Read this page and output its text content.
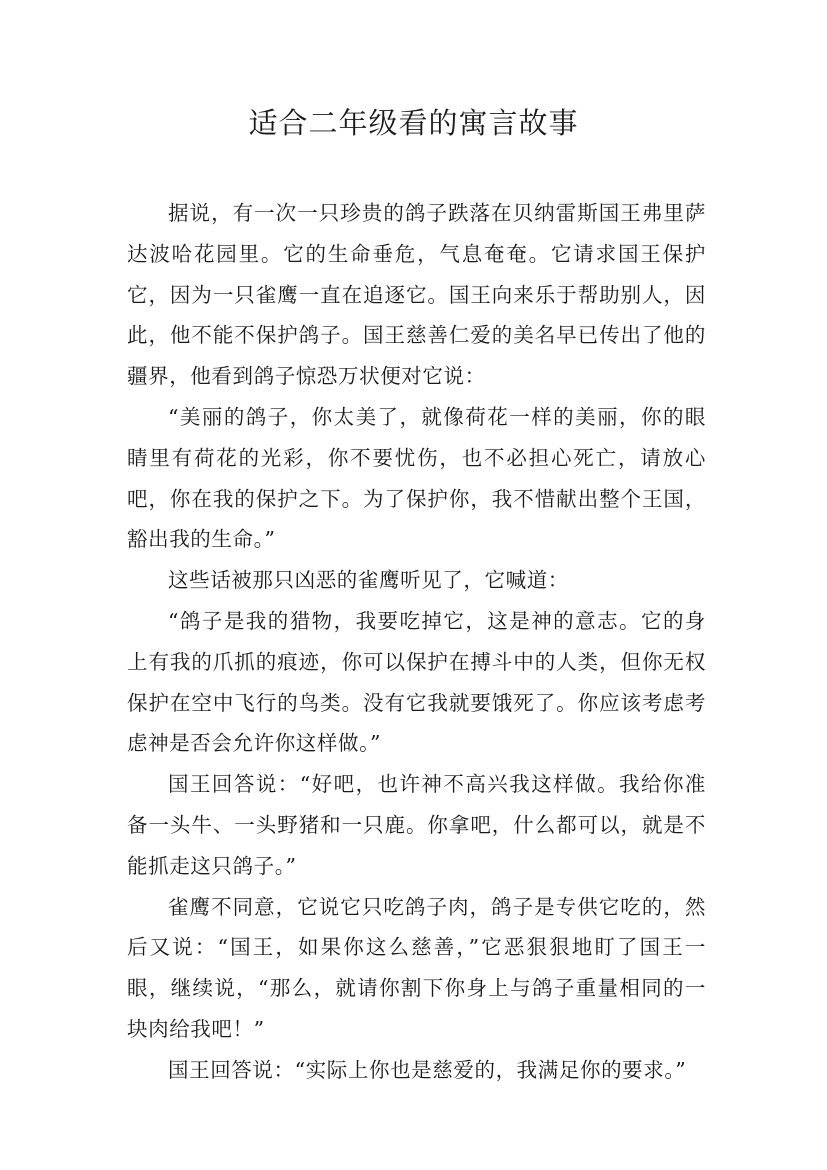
适合二年级看的寓言故事

据说，有一次一只珍贵的鸽子跌落在贝纳雷斯国王弗里萨达波哈花园里。它的生命垂危，气息奄奄。它请求国王保护它，因为一只雀鹰一直在追逐它。国王向来乐于帮助别人，因此，他不能不保护鸽子。国王慈善仁爱的美名早已传出了他的疆界，他看到鸽子惊恐万状便对它说：

“美丽的鸽子，你太美了，就像荷花一样的美丽，你的眼睛里有荷花的光彩，你不要忧伤，也不必担心死亡，请放心吧，你在我的保护之下。为了保护你，我不惜献出整个王国，豁出我的生命。”

这些话被那只凶恶的雀鹰听见了，它喊道：

“鸽子是我的猎物，我要吃掉它，这是神的意志。它的身上有我的爪抓的痕迹，你可以保护在搏斗中的人类，但你无权保护在空中飞行的鸟类。没有它我就要饿死了。你应该考虑考虑神是否会允许你这样做。”

国王回答说：“好吧，也许神不高兴我这样做。我给你准备一头牛、一头野猪和一只鹿。你拿吧，什么都可以，就是不能抓走这只鸽子。”

雀鹰不同意，它说它只吃鸽子肉，鸽子是专供它吃的，然后又说：“国王，如果你这么慈善，”它恶狠狠地盯了国王一眼，继续说，“那么，就请你割下你身上与鸽子重量相同的一块肉给我吧！”

国王回答说：“实际上你也是慈爱的，我满足你的要求。”
